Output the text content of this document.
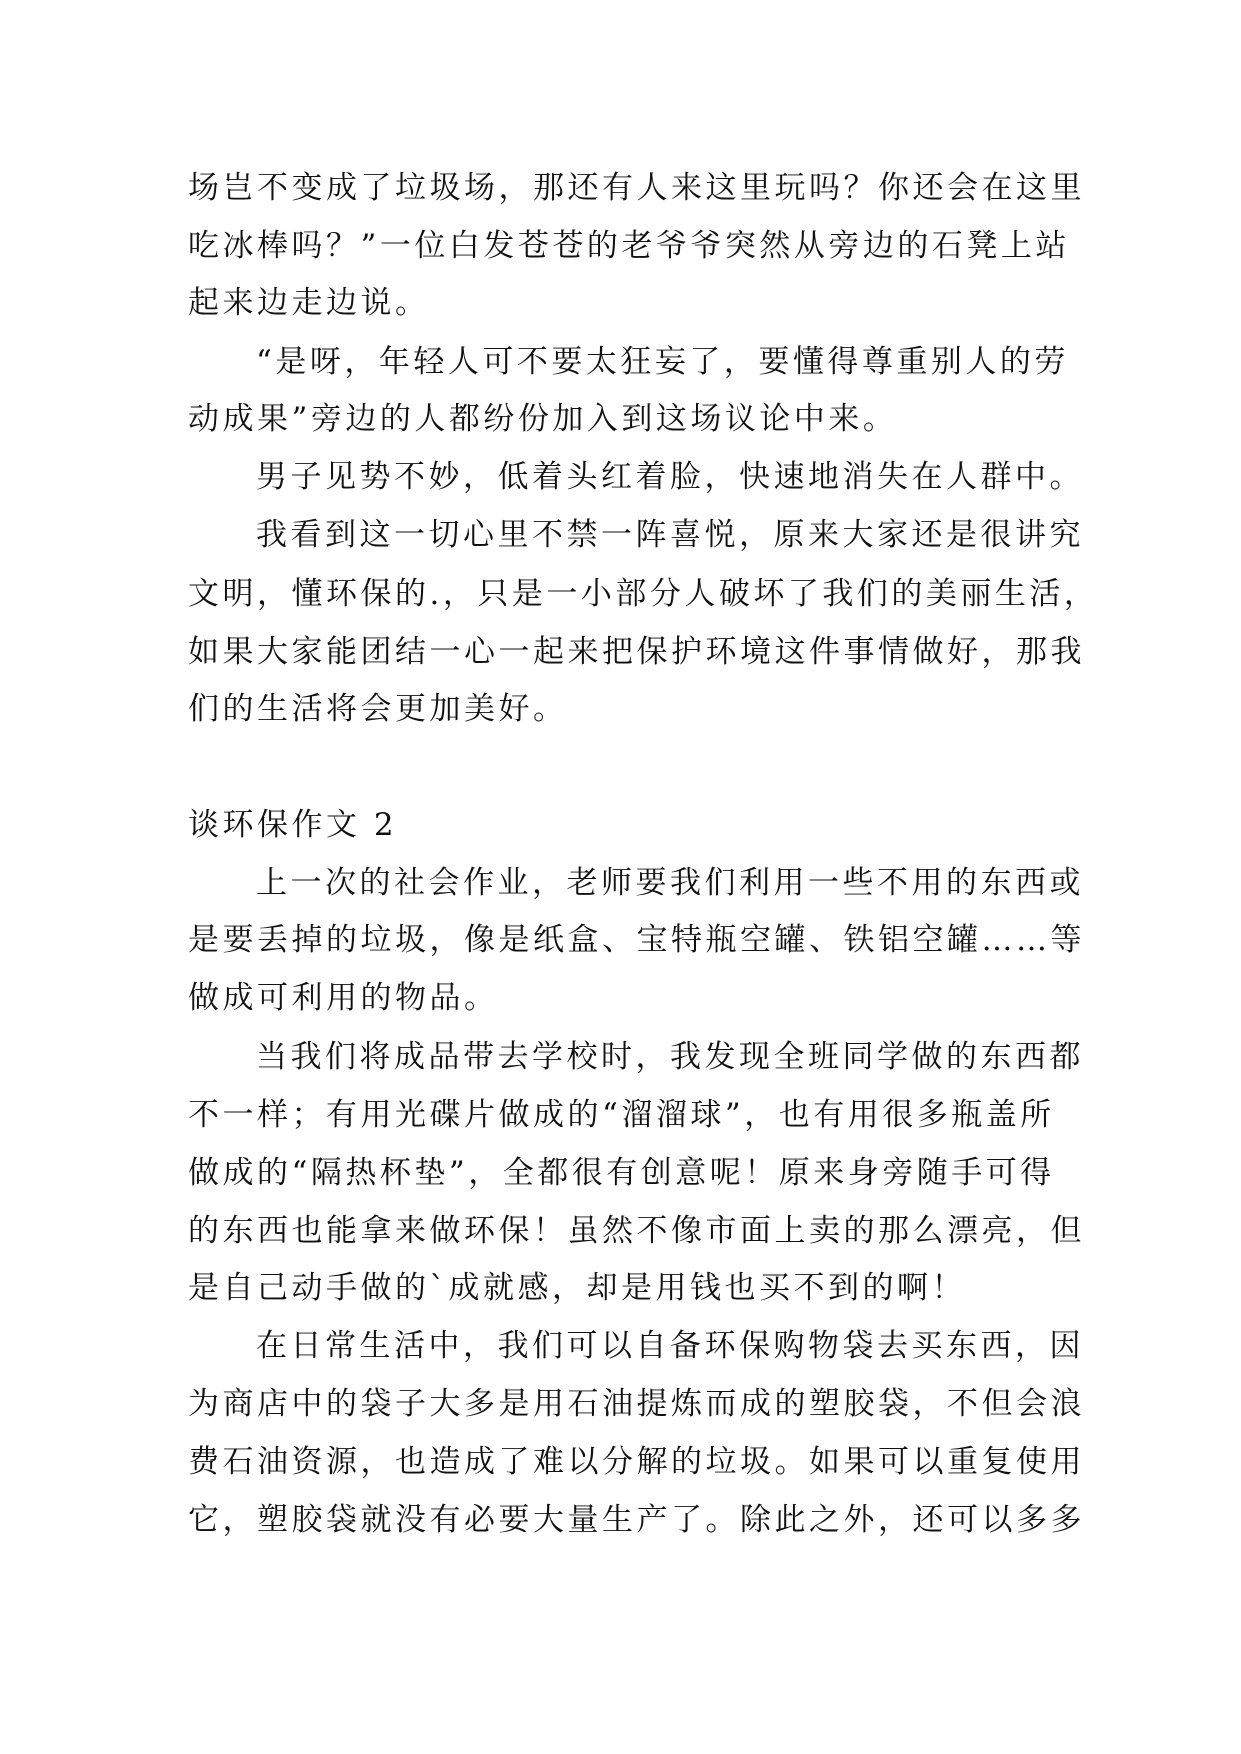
场岂不变成了垃圾场，那还有人来这里玩吗？你还会在这里
吃冰棒吗？”一位白发苍苍的老爷爷突然从旁边的石凳上站
起来边走边说。
“是呀，年轻人可不要太狂妄了，要懂得尊重别人的劳
动成果”旁边的人都纷份加入到这场议论中来。
男子见势不妙，低着头红着脸，快速地消失在人群中。
我看到这一切心里不禁一阵喜悦，原来大家还是很讲究
文明，懂环保的.，只是一小部分人破坏了我们的美丽生活，
如果大家能团结一心一起来把保护环境这件事情做好，那我
们的生活将会更加美好。
谈环保作文 2
上一次的社会作业，老师要我们利用一些不用的东西或
是要丢掉的垃圾，像是纸盒、宝特瓶空罐、铁铝空罐……等
做成可利用的物品。
当我们将成品带去学校时，我发现全班同学做的东西都
不一样；有用光碟片做成的“溜溜球”，也有用很多瓶盖所
做成的“隔热杯垫”，全都很有创意呢！原来身旁随手可得
的东西也能拿来做环保！虽然不像市面上卖的那么漂亮，但
是自己动手做的`成就感，却是用钱也买不到的啊！
在日常生活中，我们可以自备环保购物袋去买东西，因
为商店中的袋子大多是用石油提炼而成的塑胶袋，不但会浪
费石油资源，也造成了难以分解的垃圾。如果可以重复使用
它，塑胶袋就没有必要大量生产了。除此之外，还可以多多
